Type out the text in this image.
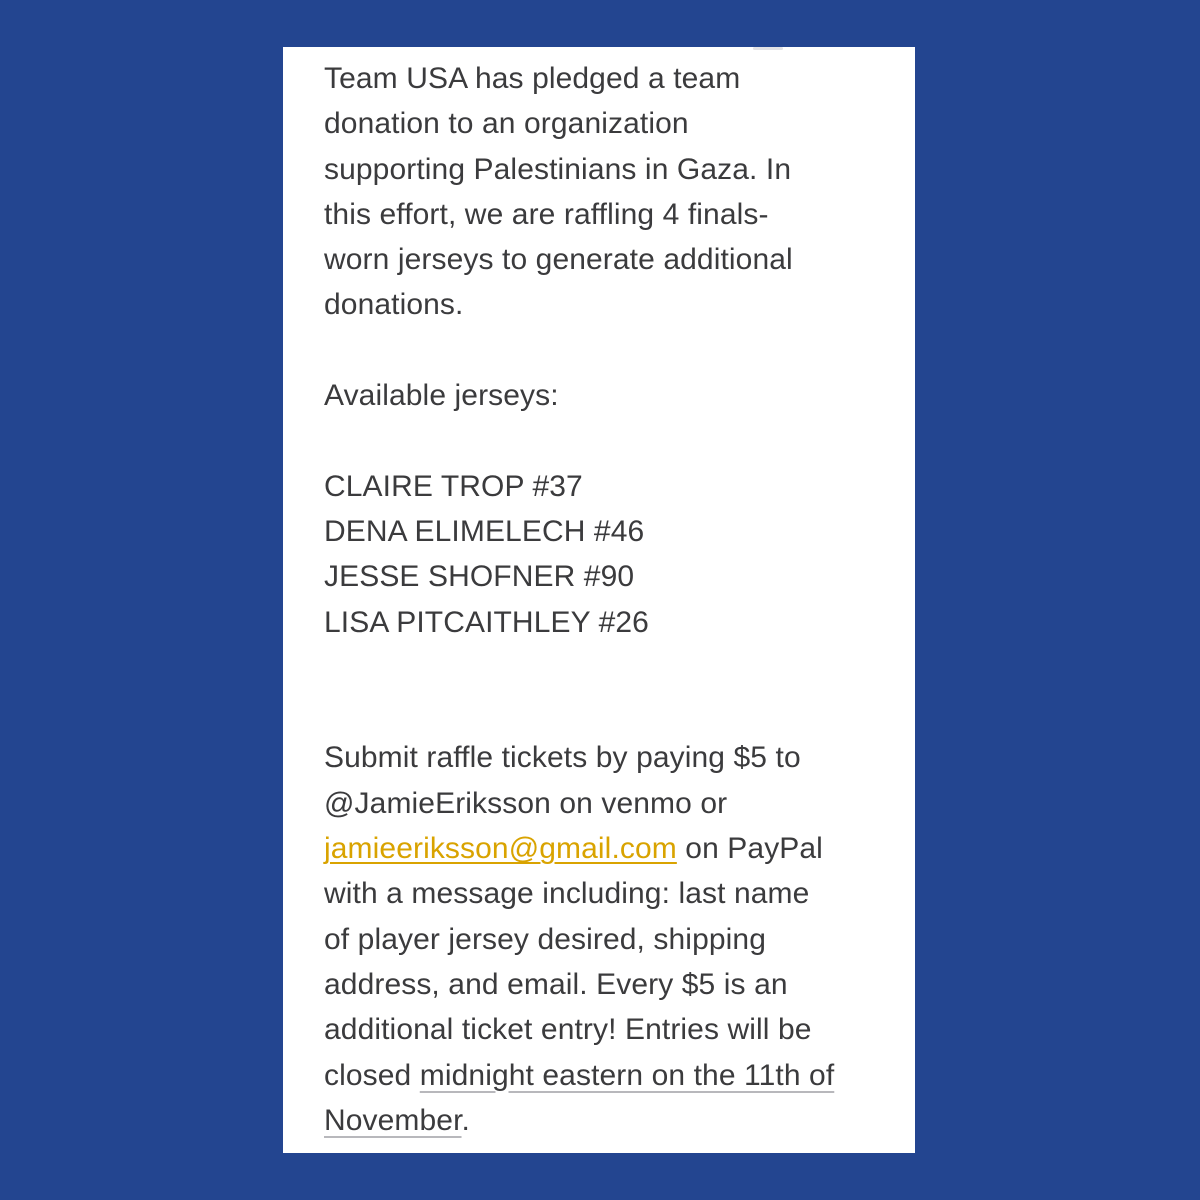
Team USA has pledged a team

donation to an organization

supporting Palestinians in Gaza. In

this effort, we are raffling 4 finals-

worn jerseys to generate additional

donations.

Available jerseys:

CLAIRE TROP #37

DENA ELIMELECH #46

JESSE SHOFNER #90

LISA PITCAITHLEY #26

Submit raffle tickets by paying $5 to

@JamieEriksson on venmo or

jamieeriksson@gmail.com on PayPal

with a message including: last name

of player jersey desired, shipping

address, and email. Every $5 is an

additional ticket entry! Entries will be

closed midnight eastern on the 11th of

November.
